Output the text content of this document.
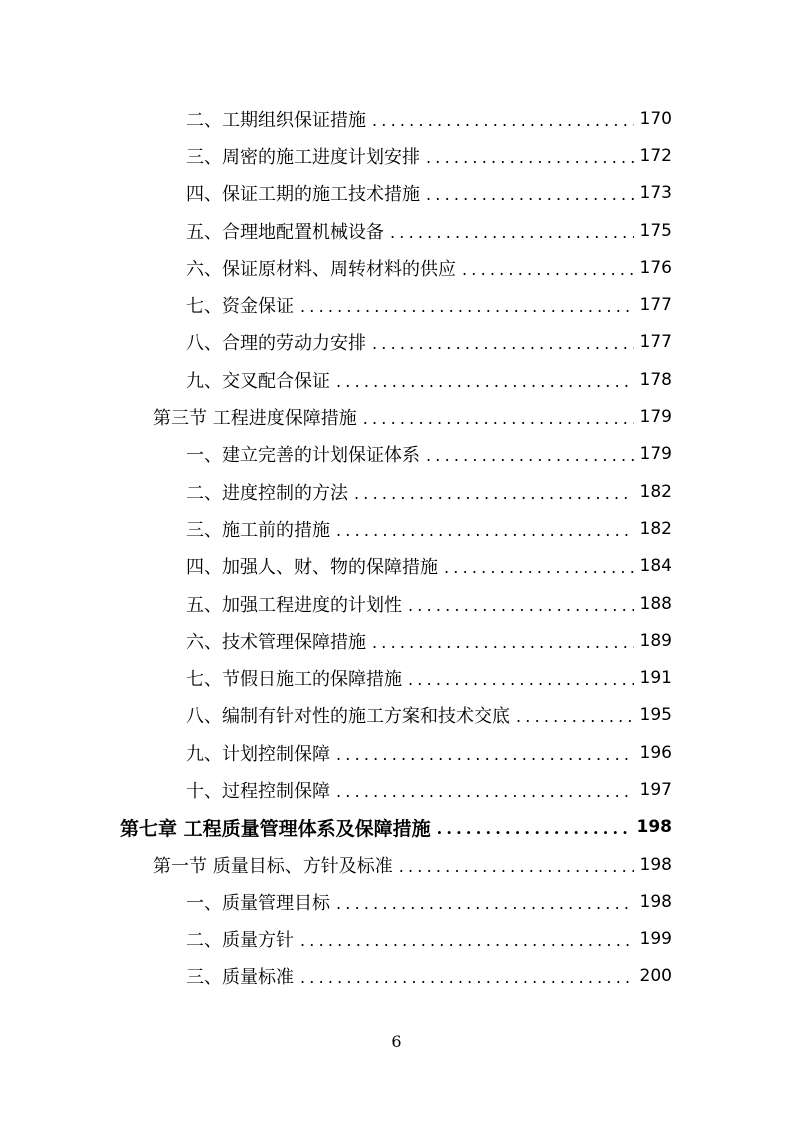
二、工期组织保证措施 .....	170
三、周密的施工进度计划安排 .....	172
四、保证工期的施工技术措施 .....	173
五、合理地配置机械设备 .....	175
六、保证原材料、周转材料的供应 .....	176
七、资金保证 .....	177
八、合理的劳动力安排 .....	177
九、交叉配合保证 .....	178
第三节 工程进度保障措施 .....	179
一、建立完善的计划保证体系 .....	179
二、进度控制的方法 .....	182
三、施工前的措施 .....	182
四、加强人、财、物的保障措施 .....	184
五、加强工程进度的计划性 .....	188
六、技术管理保障措施 .....	189
七、节假日施工的保障措施 .....	191
八、编制有针对性的施工方案和技术交底 .....	195
九、计划控制保障 .....	196
十、过程控制保障 .....	197
第七章 工程质量管理体系及保障措施 .....	198
第一节 质量目标、方针及标准 .....	198
一、质量管理目标 .....	198
二、质量方针 .....	199
三、质量标准 .....	200
6
